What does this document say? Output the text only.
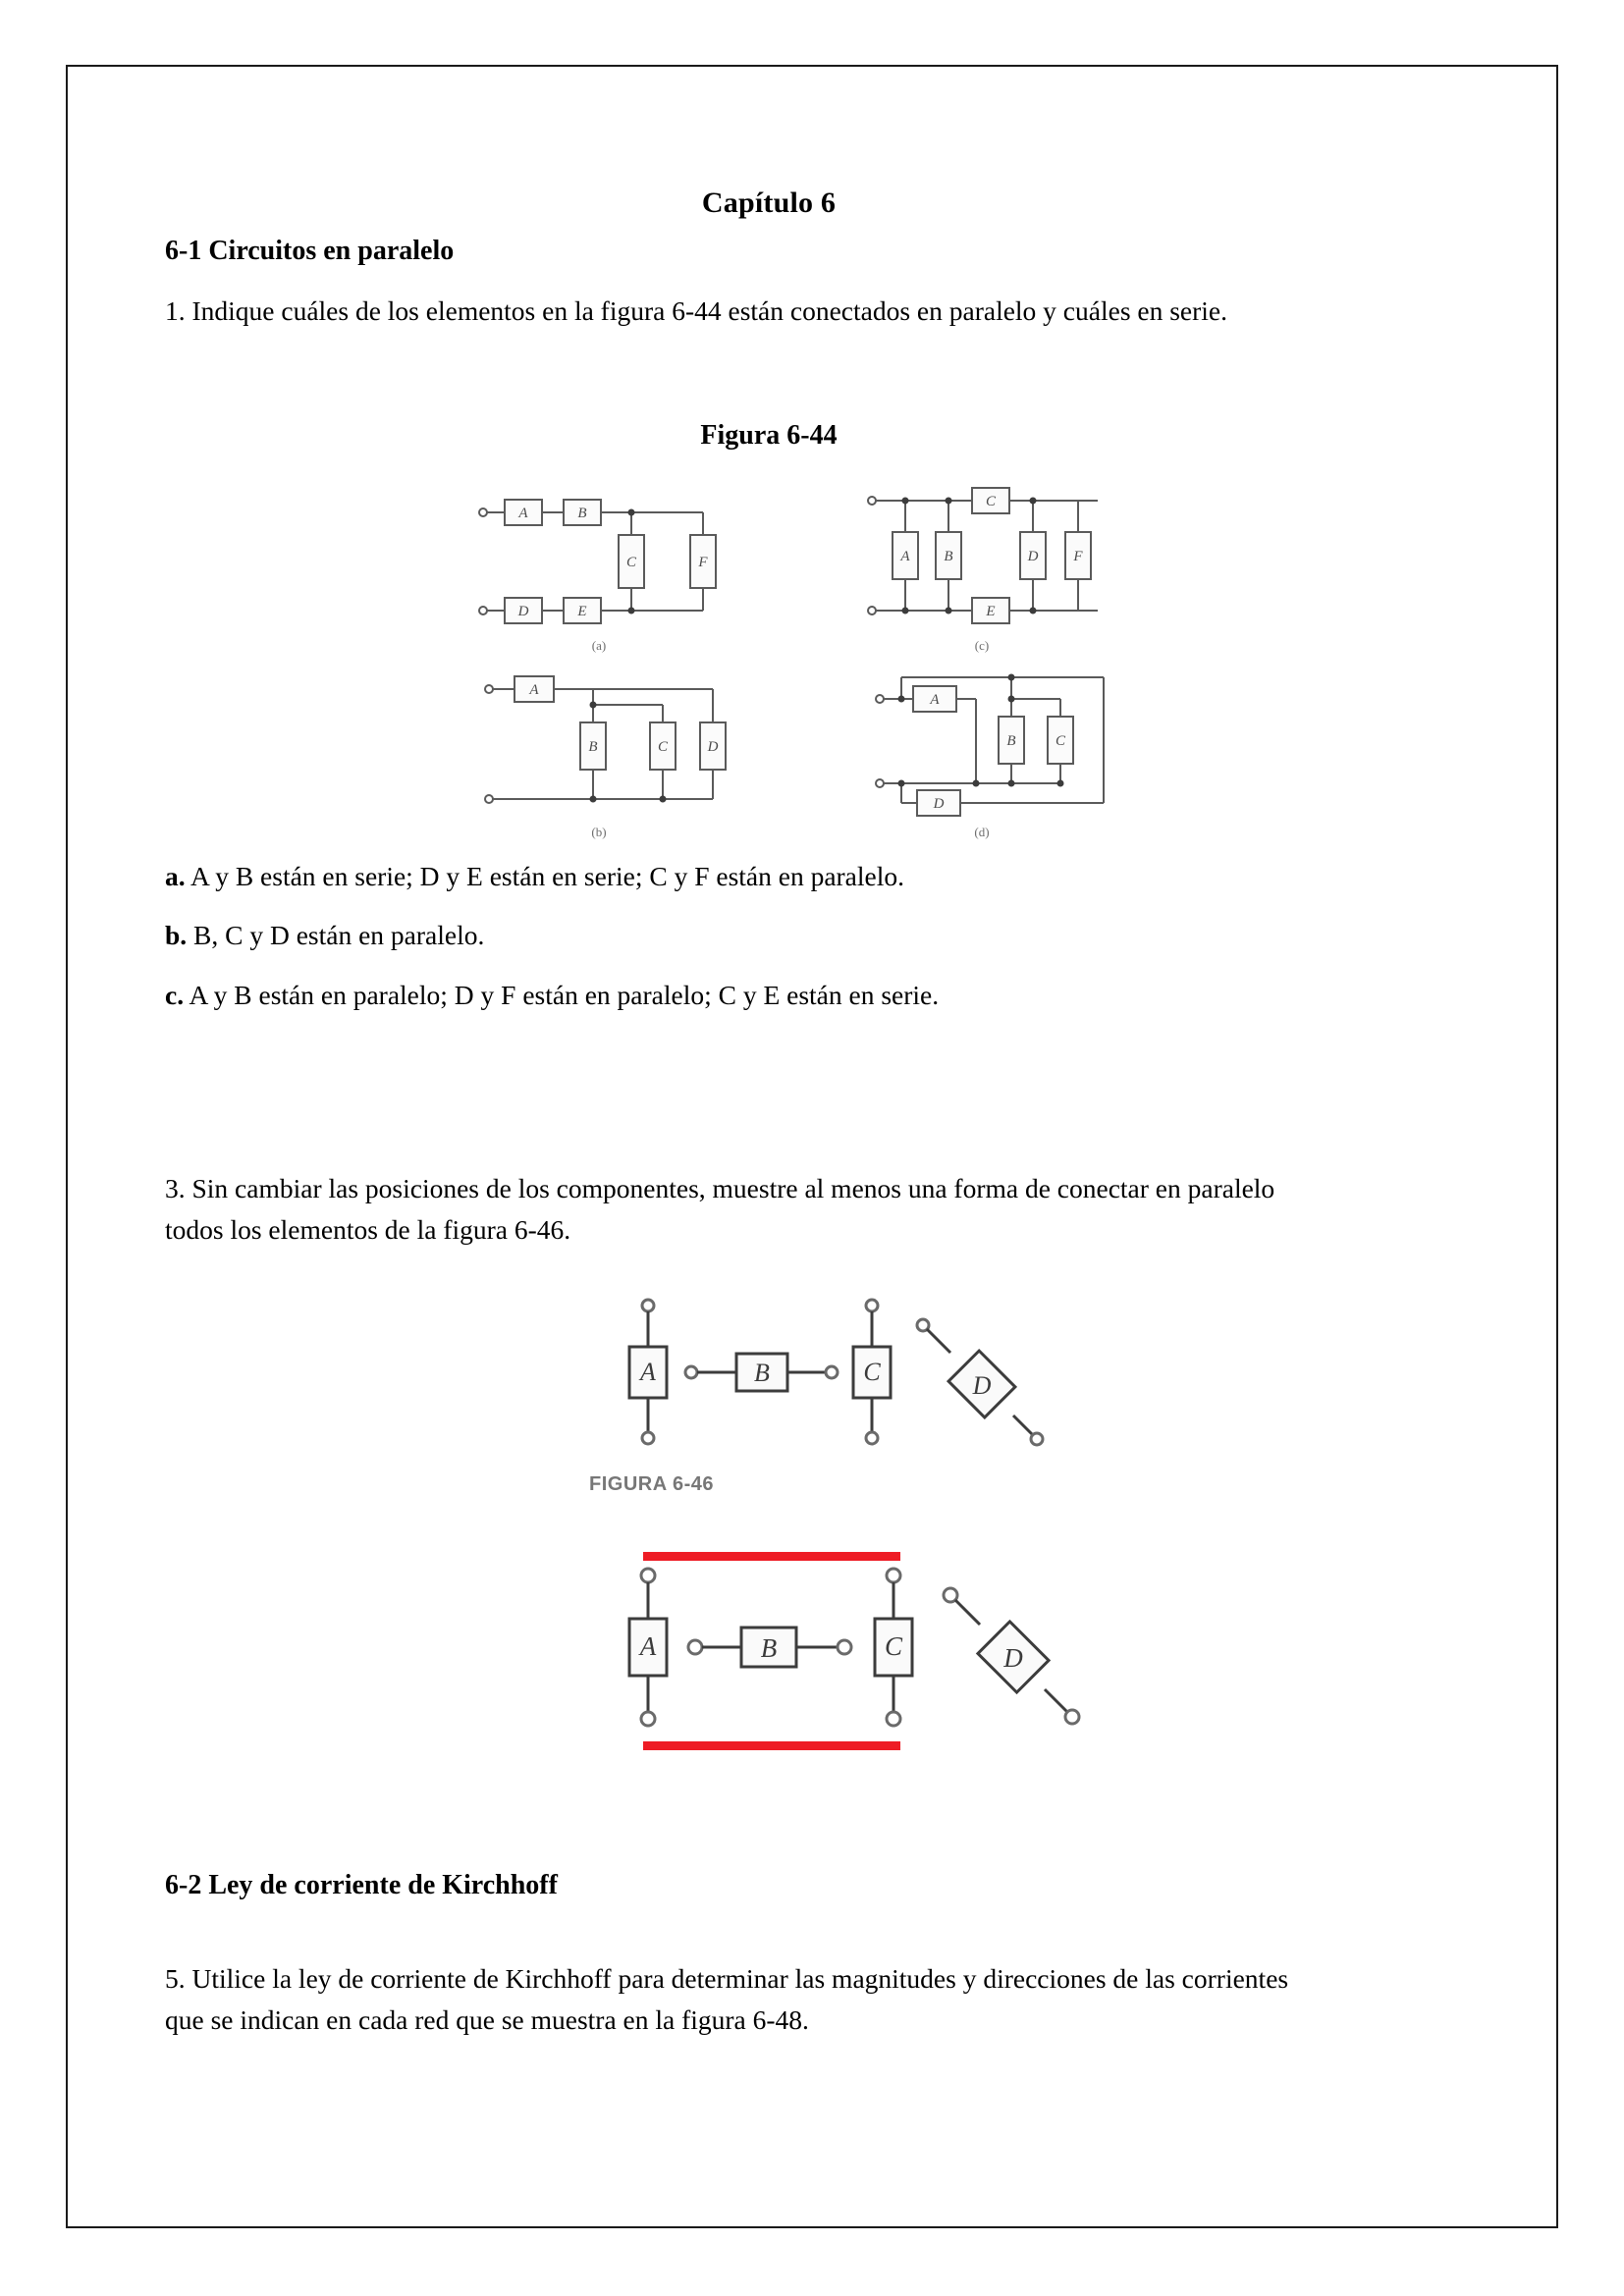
Capítulo 6
6-1 Circuitos en paralelo
1. Indique cuáles de los elementos en la figura 6-44 están conectados en paralelo y cuáles en serie.
Figura 6-44
A	B
D	E
C	F
(a)
C
E
A B	D F
(c)
A
B	C	D
(b)
A
B	C
D
(d)
a. A y B están en serie; D y E están en serie; C y F están en paralelo.
b. B, C y D están en paralelo.
c. A y B están en paralelo; D y F están en paralelo; C y E están en serie.
3. Sin cambiar las posiciones de los componentes, muestre al menos una forma de conectar en paralelo todos los elementos de la figura 6-46.
A	B	C	D
FIGURA 6-46
A	B	C	D
6-2 Ley de corriente de Kirchhoff
5. Utilice la ley de corriente de Kirchhoff para determinar las magnitudes y direcciones de las corrientes que se indican en cada red que se muestra en la figura 6-48.
